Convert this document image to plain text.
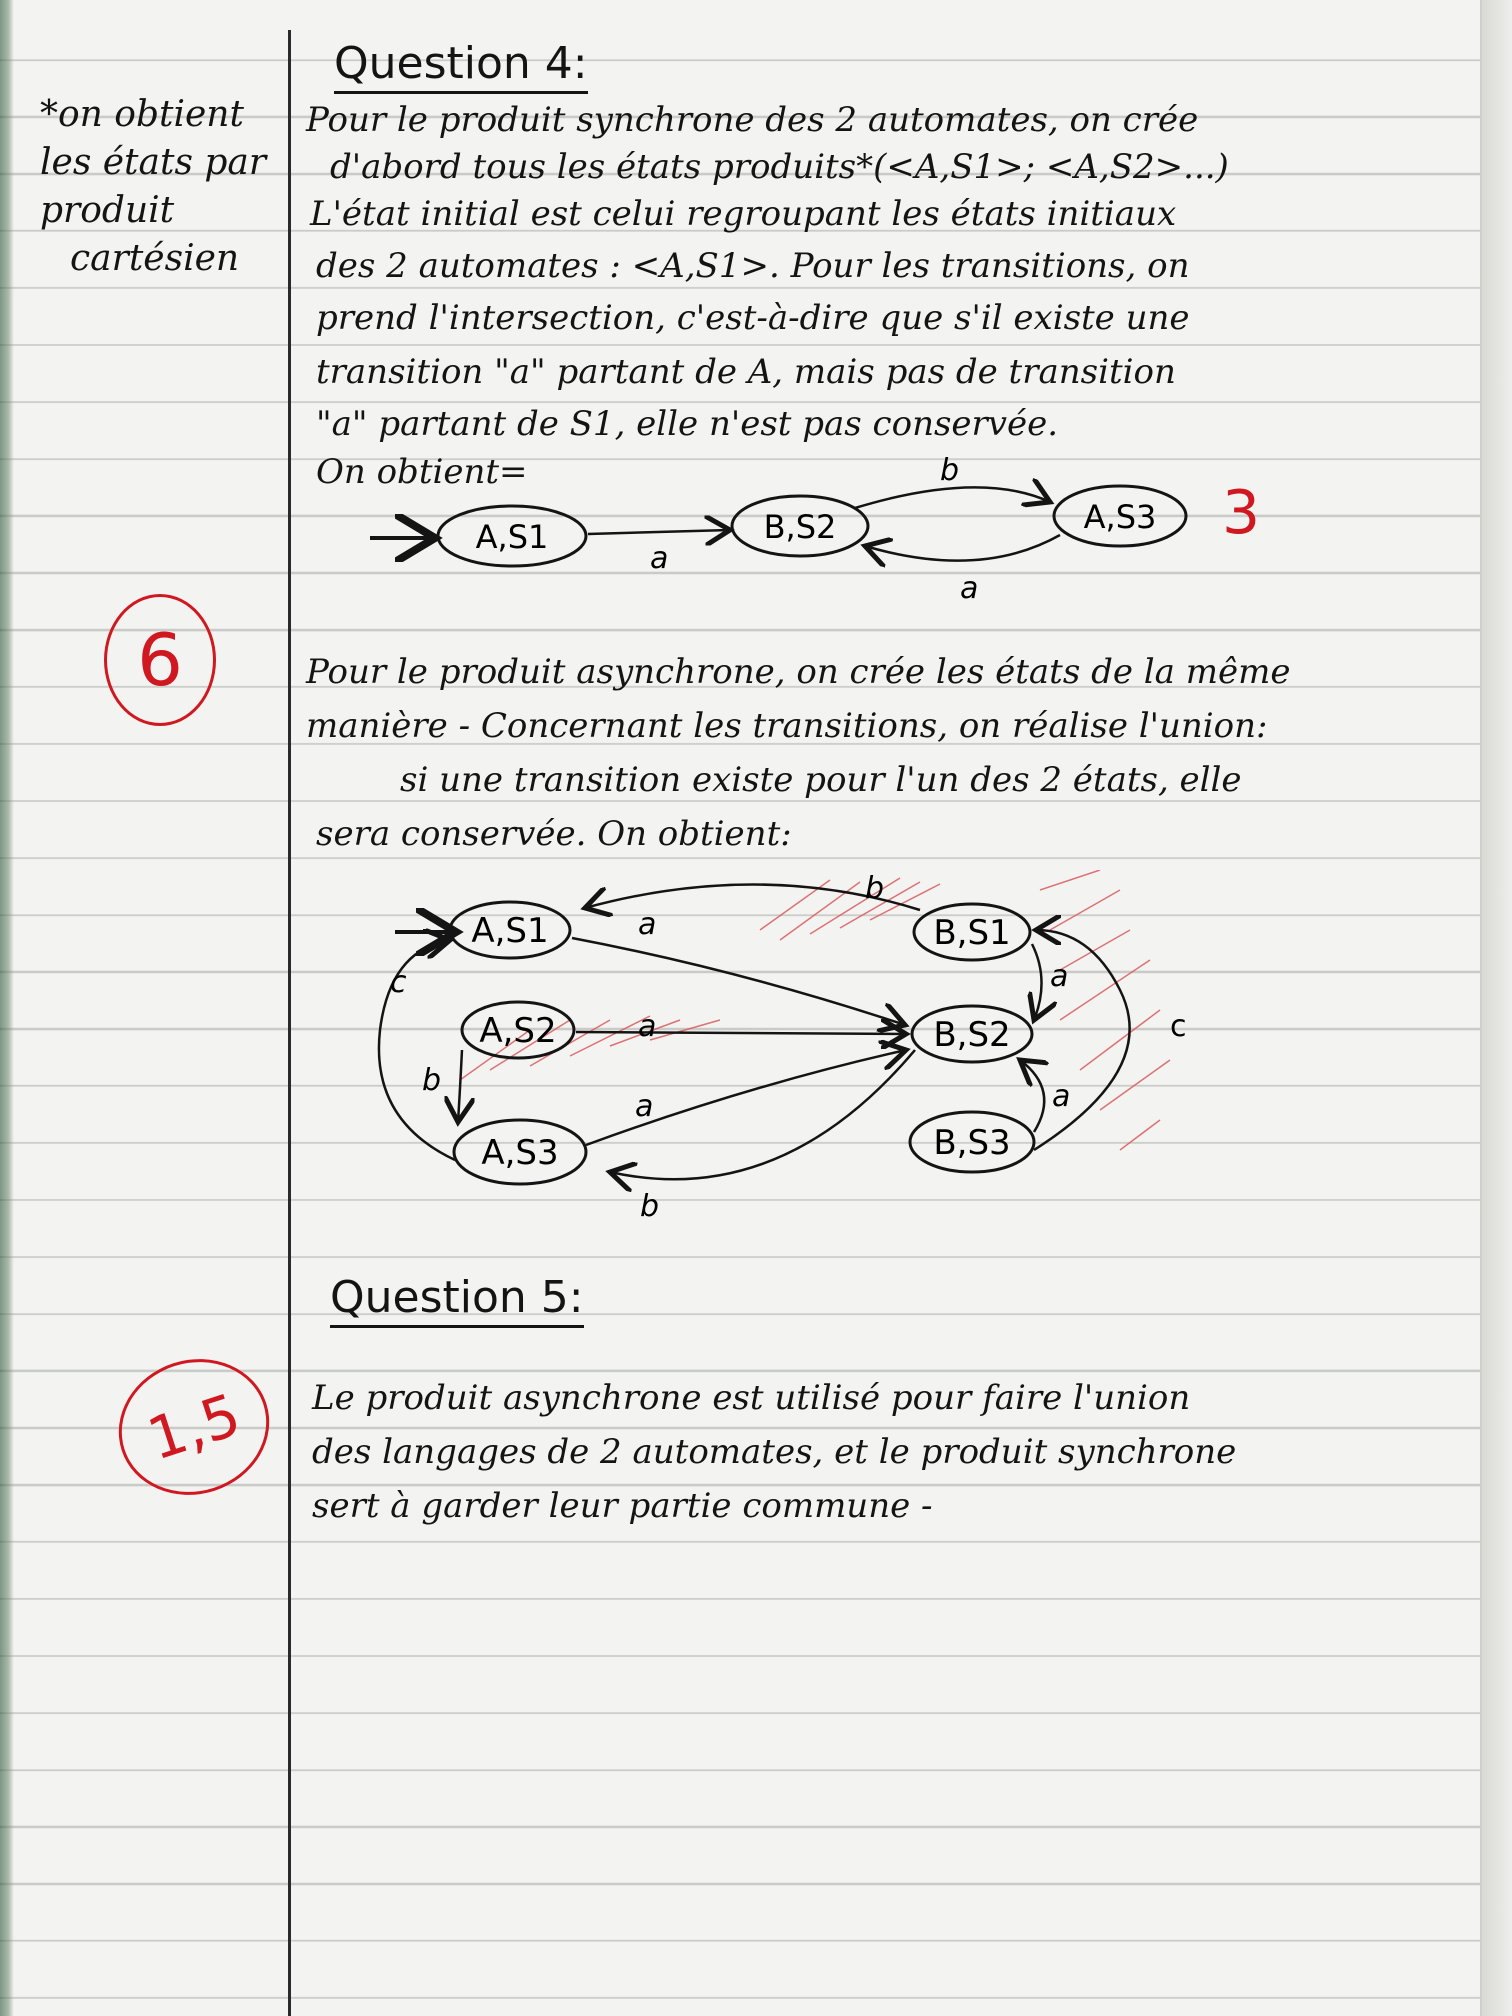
*on obtient
les états par
produit
cartésien
Question 4:
Pour le produit synchrone des 2 automates, on crée
d'abord tous les états produits*(<A,S1>; <A,S2>...)
L'état initial est celui regroupant les états initiaux
des 2 automates : <A,S1>. Pour les transitions, on
prend l'intersection, c'est-à-dire que s'il existe une
transition "a" partant de A, mais pas de transition
"a" partant de S1, elle n'est pas conservée.
On obtient=
A,S1	B,S2	A,S3
a
b
a
3
6	Pour le produit asynchrone, on crée les états de la même
manière - Concernant les transitions, on réalise l'union:
si une transition existe pour l'un des 2 états, elle
sera conservée. On obtient:
A,S1
A,S2
A,S3
B,S1
B,S2
B,S3
a
b
a
a
b
c	a
a
c
b
Question 5:
1,5	Le produit asynchrone est utilisé pour faire l'union
des langages de 2 automates, et le produit synchrone
sert à garder leur partie commune -
